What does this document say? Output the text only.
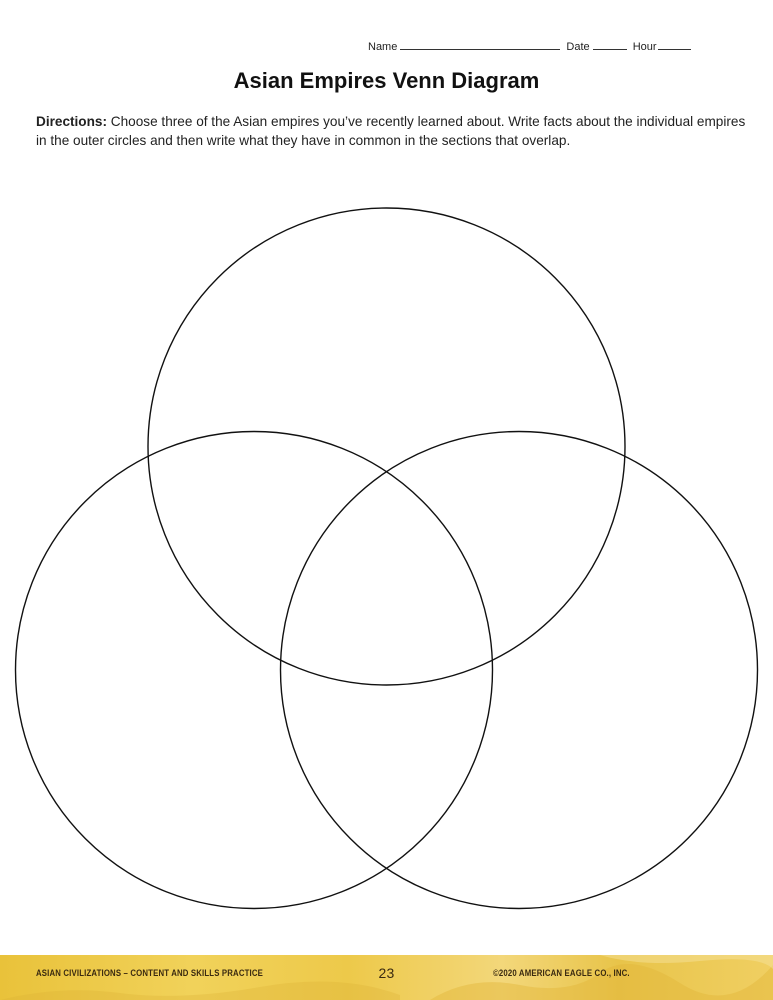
Name	Date	Hour
Asian Empires Venn Diagram

Directions: Choose three of the Asian empires you’ve recently learned about. Write facts about the individual empires in the outer circles and then write what they have in common in the sections that overlap.

ASIAN CIVILIZATIONS – CONTENT AND SKILLS PRACTICE	23	©2020 AMERICAN EAGLE CO., INC.
